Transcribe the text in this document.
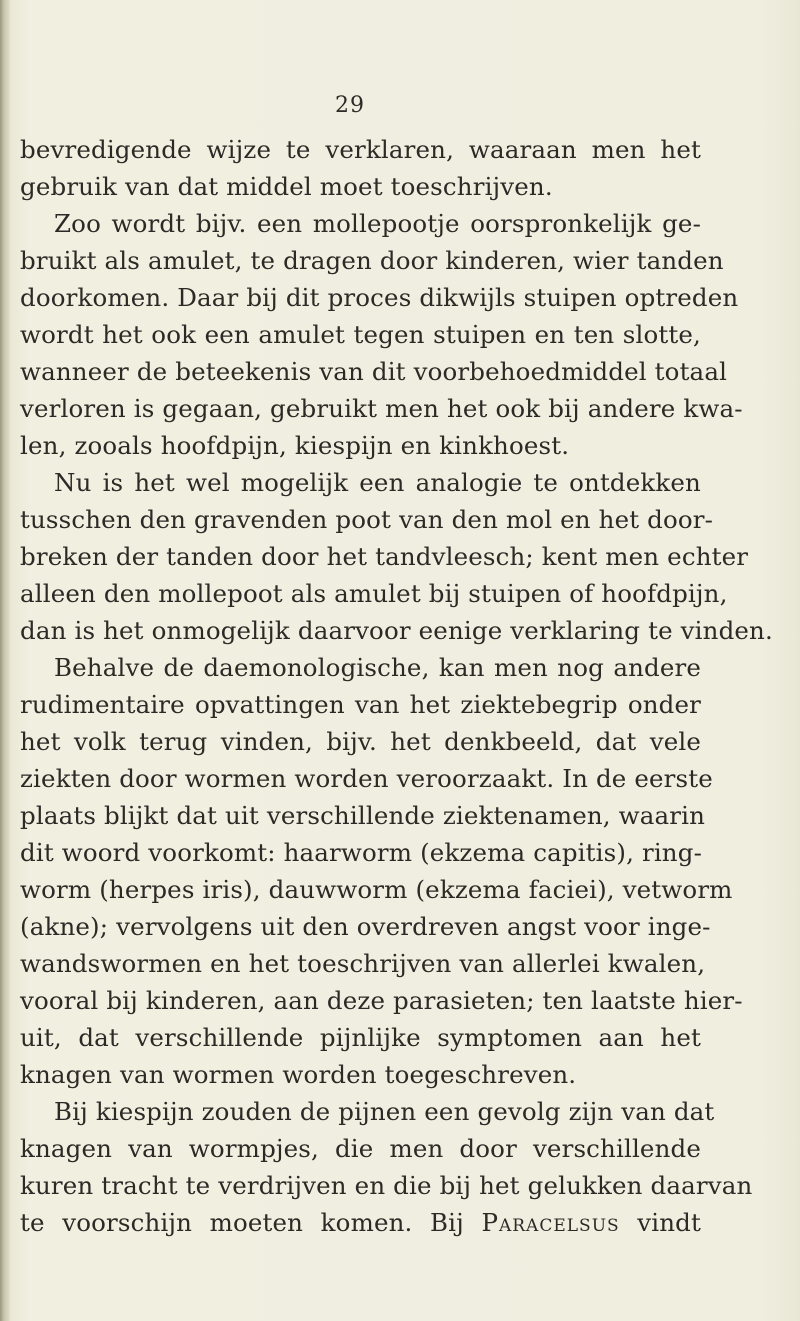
29
bevredigende wijze te verklaren, waaraan men het
gebruik van dat middel moet toeschrijven.
Zoo wordt bijv. een mollepootje oorspronkelijk ge-
bruikt als amulet, te dragen door kinderen, wier tanden
doorkomen. Daar bij dit proces dikwijls stuipen optreden
wordt het ook een amulet tegen stuipen en ten slotte,
wanneer de beteekenis van dit voorbehoedmiddel totaal
verloren is gegaan, gebruikt men het ook bij andere kwa-
len, zooals hoofdpijn, kiespijn en kinkhoest.
Nu is het wel mogelijk een analogie te ontdekken
tusschen den gravenden poot van den mol en het door-
breken der tanden door het tandvleesch; kent men echter
alleen den mollepoot als amulet bij stuipen of hoofdpijn,
dan is het onmogelijk daarvoor eenige verklaring te vinden.
Behalve de daemonologische, kan men nog andere
rudimentaire opvattingen van het ziektebegrip onder
het volk terug vinden, bijv. het denkbeeld, dat vele
ziekten door wormen worden veroorzaakt. In de eerste
plaats blijkt dat uit verschillende ziektenamen, waarin
dit woord voorkomt: haarworm (ekzema capitis), ring-
worm (herpes iris), dauwworm (ekzema faciei), vetworm
(akne); vervolgens uit den overdreven angst voor inge-
wandswormen en het toeschrijven van allerlei kwalen,
vooral bij kinderen, aan deze parasieten; ten laatste hier-
uit, dat verschillende pijnlijke symptomen aan het
knagen van wormen worden toegeschreven.
Bij kiespijn zouden de pijnen een gevolg zijn van dat
knagen van wormpjes, die men door verschillende
kuren tracht te verdrijven en die bij het gelukken daarvan
te voorschijn moeten komen. Bij Paracelsus vindt
